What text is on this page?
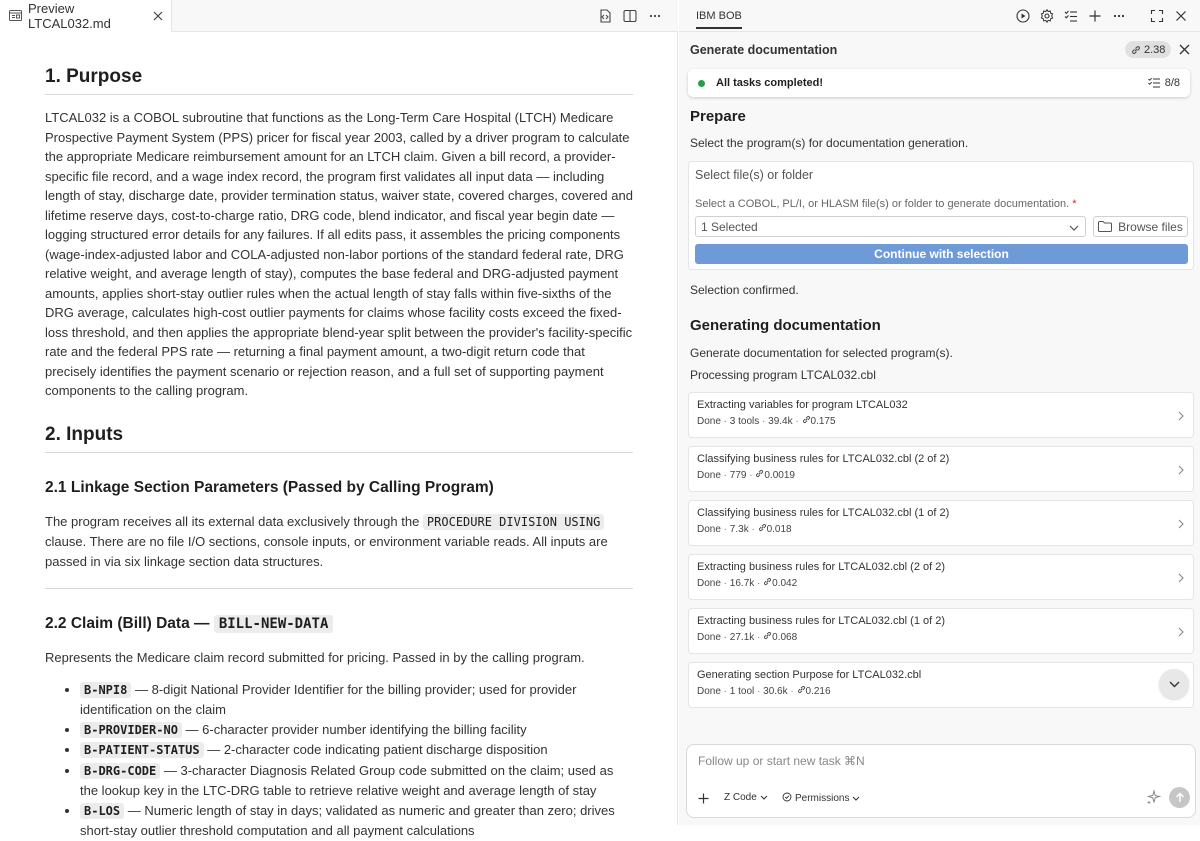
Preview LTCAL032.md
1. Purpose

LTCAL032 is a COBOL subroutine that functions as the Long-Term Care Hospital (LTCH) Medicare Prospective Payment System (PPS) pricer for fiscal year 2003, called by a driver program to calculate the appropriate Medicare reimbursement amount for an LTCH claim. Given a bill record, a provider-specific file record, and a wage index record, the program first validates all input data — including length of stay, discharge date, provider termination status, waiver state, covered charges, covered and lifetime reserve days, cost-to-charge ratio, DRG code, blend indicator, and fiscal year begin date — logging structured error details for any failures. If all edits pass, it assembles the pricing components (wage-index-adjusted labor and COLA-adjusted non-labor portions of the standard federal rate, DRG relative weight, and average length of stay), computes the base federal and DRG-adjusted payment amounts, applies short-stay outlier rules when the actual length of stay falls within five-sixths of the DRG average, calculates high-cost outlier payments for claims whose facility costs exceed the fixed-loss threshold, and then applies the appropriate blend-year split between the provider's facility-specific rate and the federal PPS rate — returning a final payment amount, a two-digit return code that precisely identifies the payment scenario or rejection reason, and a full set of supporting payment components to the calling program.

2. Inputs
2.1 Linkage Section Parameters (Passed by Calling Program)

The program receives all its external data exclusively through the PROCEDURE DIVISION USING clause. There are no file I/O sections, console inputs, or environment variable reads. All inputs are passed in via six linkage section data structures.

2.2 Claim (Bill) Data — BILL-NEW-DATA

Represents the Medicare claim record submitted for pricing. Passed in by the calling program.

• B-NPI8 — 8-digit National Provider Identifier for the billing provider; used for provider identification on the claim
• B-PROVIDER-NO — 6-character provider number identifying the billing facility
• B-PATIENT-STATUS — 2-character code indicating patient discharge disposition
• B-DRG-CODE — 3-character Diagnosis Related Group code submitted on the claim; used as the lookup key in the LTC-DRG table to retrieve relative weight and average length of stay
• B-LOS — Numeric length of stay in days; validated as numeric and greater than zero; drives short-stay outlier threshold computation and all payment calculations
IBM BOB
Generate documentation	2.38
All tasks completed!	8/8
Prepare
Select the program(s) for documentation generation.
Select file(s) or folder
Select a COBOL, PL/I, or HLASM file(s) or folder to generate documentation. *
1 Selected	Browse files
Continue with selection
Selection confirmed.
Generating documentation
Generate documentation for selected program(s).
Processing program LTCAL032.cbl
Extracting variables for program LTCAL032
Done · 3 tools · 39.4k · 0.175
Classifying business rules for LTCAL032.cbl (2 of 2)
Done · 779 · 0.0019
Classifying business rules for LTCAL032.cbl (1 of 2)
Done · 7.3k · 0.018
Extracting business rules for LTCAL032.cbl (2 of 2)
Done · 16.7k · 0.042
Extracting business rules for LTCAL032.cbl (1 of 2)
Done · 27.1k · 0.068
Generating section Purpose for LTCAL032.cbl
Done · 1 tool · 30.6k · 0.216
Follow up or start new task ⌘N
Z Code	Permissions
